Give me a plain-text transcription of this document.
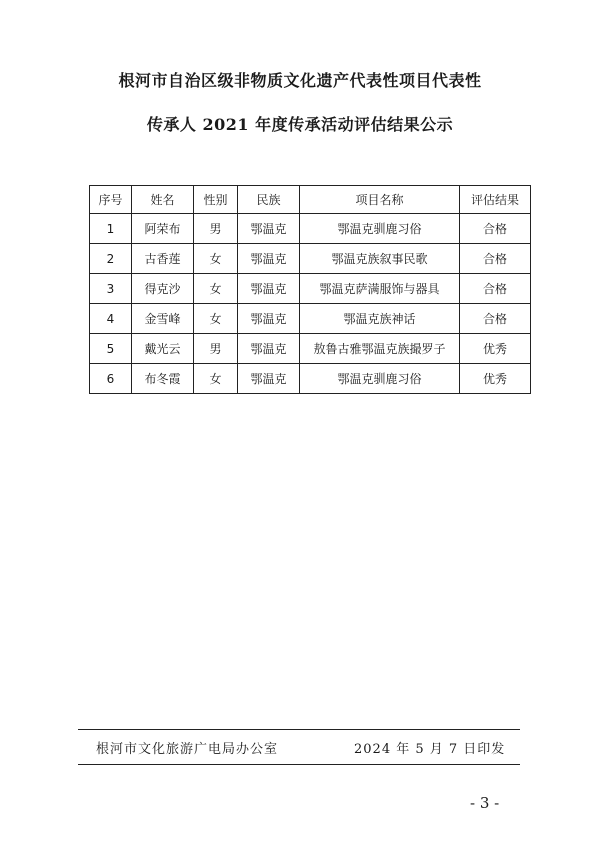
根河市自治区级非物质文化遗产代表性项目代表性
传承人 2021 年度传承活动评估结果公示
序号	姓名	性别	民族	项目名称	评估结果
1	阿荣布	男	鄂温克	鄂温克驯鹿习俗	合格
2	古香莲	女	鄂温克	鄂温克族叙事民歌	合格
3	得克沙	女	鄂温克	鄂温克萨满服饰与器具	合格
4	金雪峰	女	鄂温克	鄂温克族神话	合格
5	戴光云	男	鄂温克	敖鲁古雅鄂温克族撮罗子	优秀
6	布冬霞	女	鄂温克	鄂温克驯鹿习俗	优秀
根河市文化旅游广电局办公室	2024 年 5 月 7 日印发
- 3 -
